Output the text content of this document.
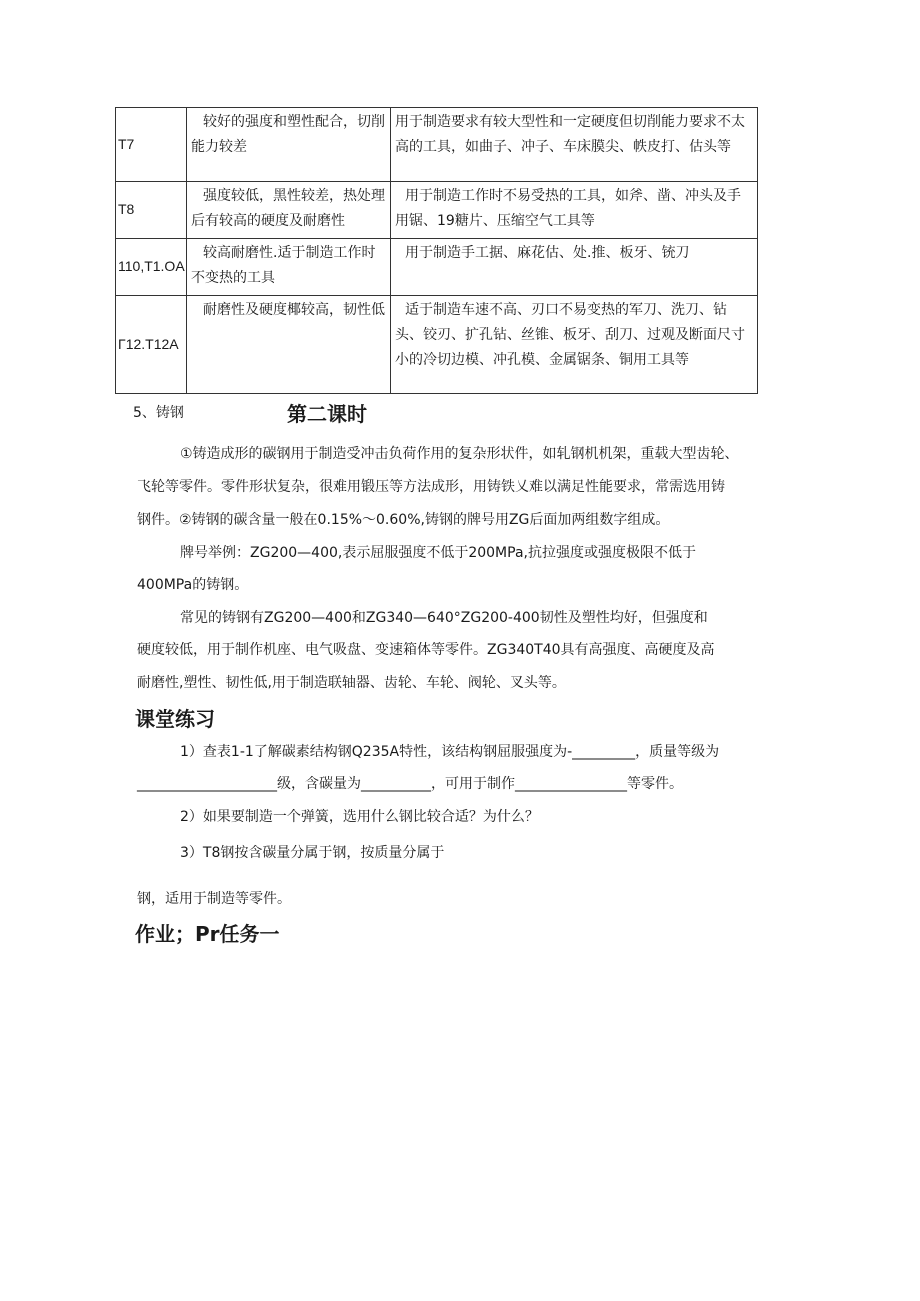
T7	较好的强度和塑性配合，切削能力较差	用于制造要求有较大型性和一定硬度但切削能力要求不太高的工具，如曲子、冲子、车床膜尖、帙皮打、估头等
T8	强度较低，黑性较差，热处理后有较高的硬度及耐磨性	用于制造工作时不易受热的工具，如斧、凿、冲头及手用锯、19糖片、压缩空气工具等
110,T1.OA	较高耐磨性.适于制造工作时不变热的工具	用于制造手工据、麻花估、处.推、板牙、铳刀
Γ12.T12A	耐磨性及硬度椰较高，韧性低	适于制造车速不高、刃口不易变热的军刀、洗刀、钻头、铰刃、扩孔钻、丝锥、板牙、刮刀、过观及断面尺寸小的冷切边模、冲孔模、金属锯条、铜用工具等
5、铸钢	第二课时
①铸造成形的碳钢用于制造受冲击负荷作用的复杂形状件，如轧钢机机架，重载大型齿轮、
飞轮等零件。零件形状复杂，很难用锻压等方法成形，用铸铁乂难以满足性能要求，常需选用铸
钢件。②铸钢的碳含量一般在0.15%～0.60%,铸钢的牌号用ZG后面加两组数字组成。
牌号举例：ZG200—400,表示屈服强度不低于200MPa,抗拉强度或强度极限不低于
400MPa的铸钢。
常见的铸钢有ZG200—400和ZG340—640°ZG200-400韧性及塑性均好，但强度和
硬度较低，用于制作机座、电气吸盘、变速箱体等零件。ZG340T40具有高强度、高硬度及高
耐磨性,塑性、韧性低,用于制造联轴器、齿轮、车轮、阀轮、叉头等。
课堂练习
1）查表1-1了解碳素结构钢Q235A特性，该结构钢屈服强度为-_________，质量等级为
____________________级，含碳量为__________，可用于制作________________等零件。
2）如果要制造一个弹簧，选用什么钢比较合适？为什么？
3）T8钢按含碳量分属于钢，按质量分属于
钢，适用于制造等零件。
作业；Pr任务一
